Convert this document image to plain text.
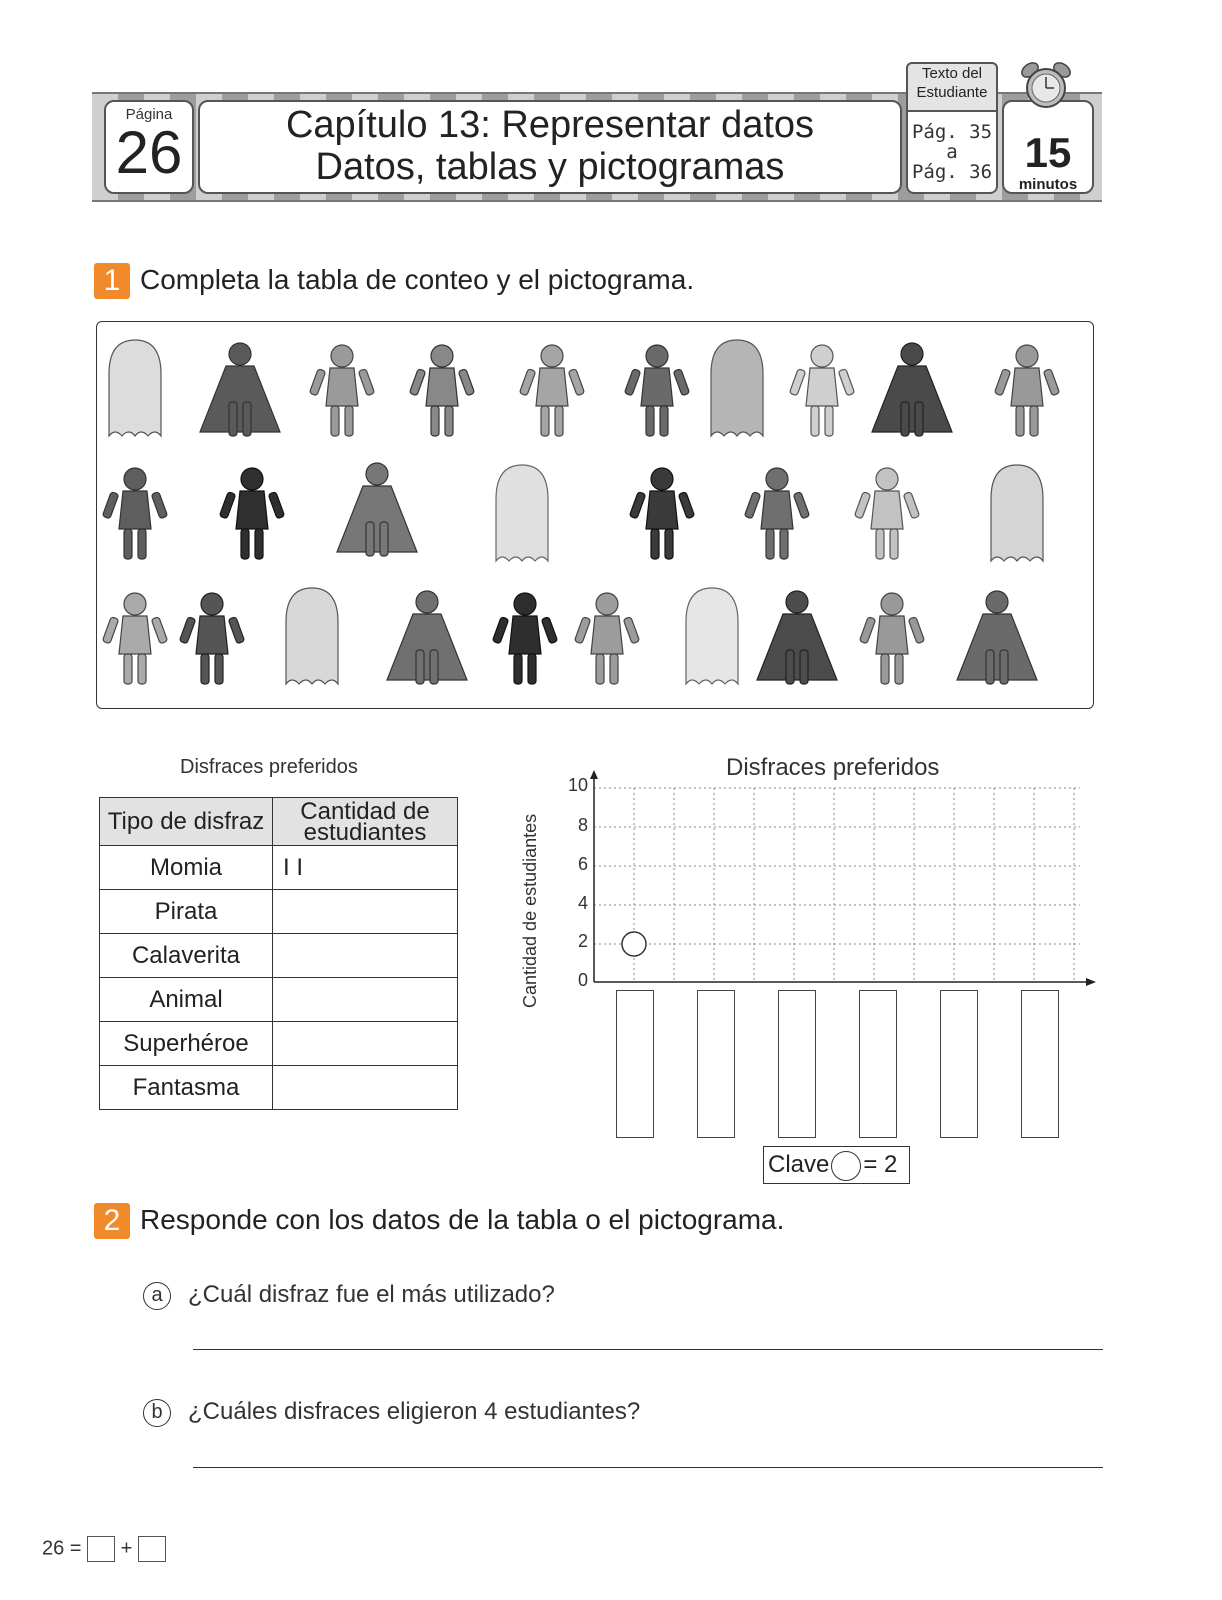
Página
26	Capítulo 13: Representar datos
Datos, tablas y pictogramas
Pág. 35
a
Pág. 36
Texto del
Estudiante
15
minutos
1 Completa la tabla de conteo y el pictograma.
Disfraces preferidos
Tipo de disfraz	Cantidad de
estudiantes

Momia	I I
Pirata	
Calaverita	
Animal	
Superhéroe	
Fantasma	
Disfraces preferidos
Cantidad de estudiantes
10
8
6
4
2
0
Clave = 2
2 Responde con los datos de la tabla o el pictograma.
a	¿Cuál disfraz fue el más utilizado?
b	¿Cuáles disfraces eligieron 4 estudiantes?
26 = +
